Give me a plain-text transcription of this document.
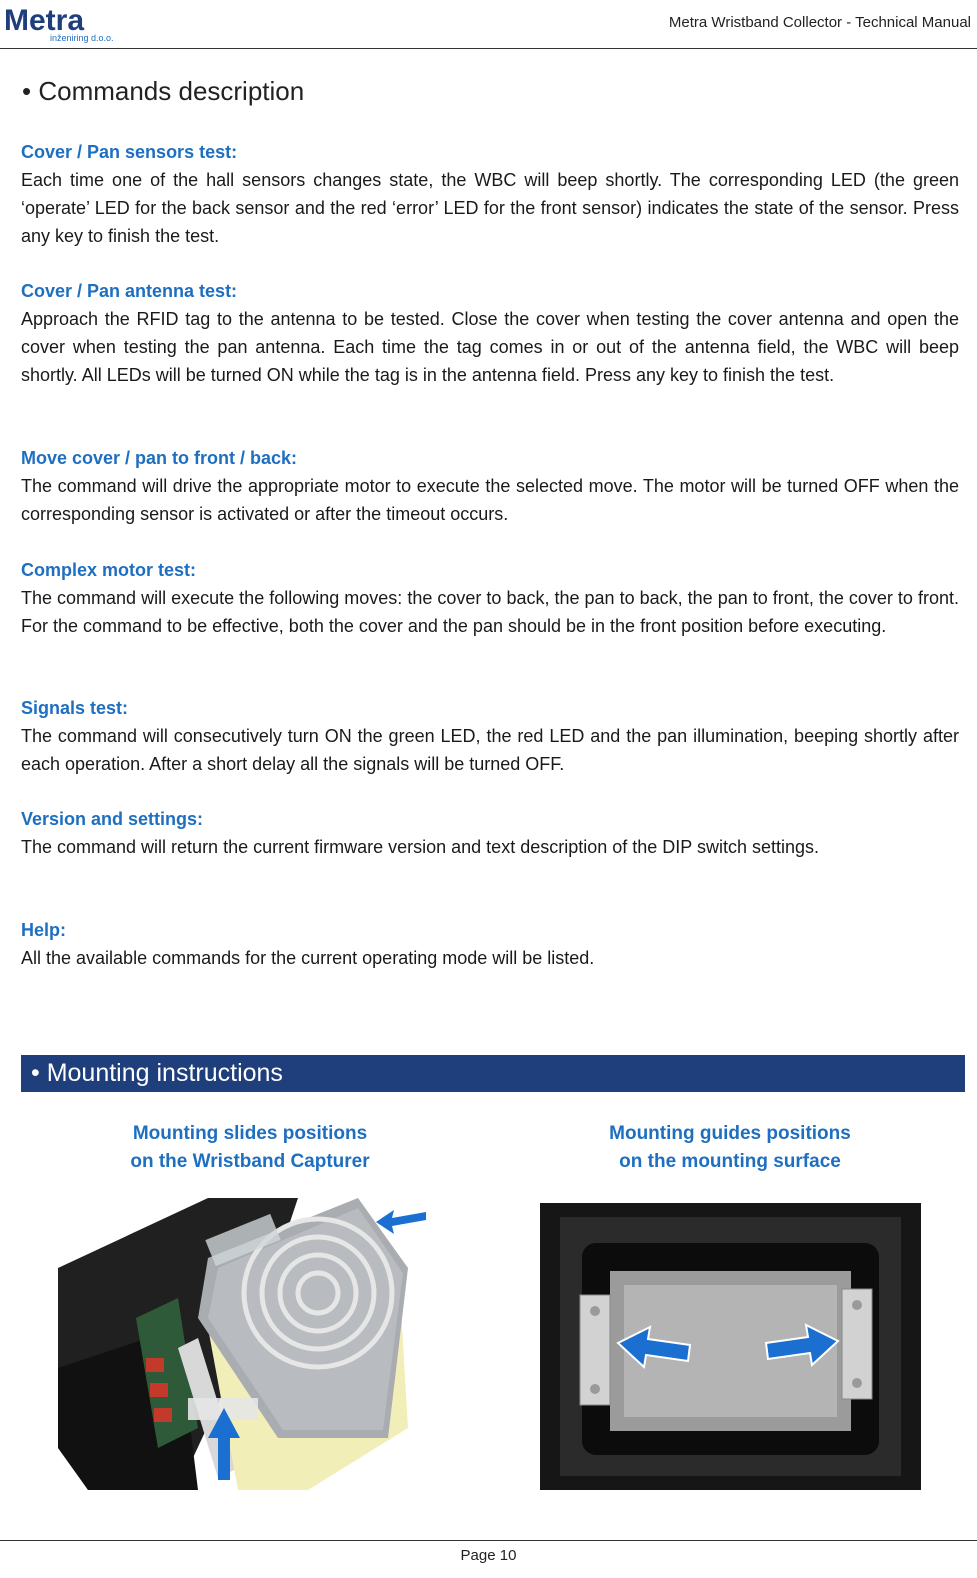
Metra
inženiring d.o.o.
Metra Wristband Collector - Technical Manual
• Commands description
Cover / Pan sensors test:

Each time one of the hall sensors changes state, the WBC will beep shortly. The corresponding LED (the green ‘operate’ LED for the back sensor and the red ‘error’ LED for the front sensor) indicates the state of the sensor. Press any key to finish the test.

Cover / Pan antenna test:

Approach the RFID tag to the antenna to be tested. Close the cover when testing the cover antenna and open the cover when testing the pan antenna. Each time the tag comes in or out of the antenna field, the WBC will beep shortly. All LEDs will be turned ON while the tag is in the antenna field. Press any key to finish the test.

Move cover / pan to front / back:

The command will drive the appropriate motor to execute the selected move. The motor will be turned OFF when the corresponding sensor is activated or after the timeout occurs.

Complex motor test:

The command will execute the following moves: the cover to back, the pan to back, the pan to front, the cover to front. For the command to be effective, both the cover and the pan should be in the front position before executing.

Signals test:

The command will consecutively turn ON the green LED, the red LED and the pan illumination, beeping shortly after each operation. After a short delay all the signals will be turned OFF.

Version and settings:

The command will return the current firmware version and text description of the DIP switch settings.

Help:

All the available commands for the current operating mode will be listed.

• Mounting instructions
Mounting slides positions
on the Wristband Capturer
Mounting guides positions
on the mounting surface
Page 10
